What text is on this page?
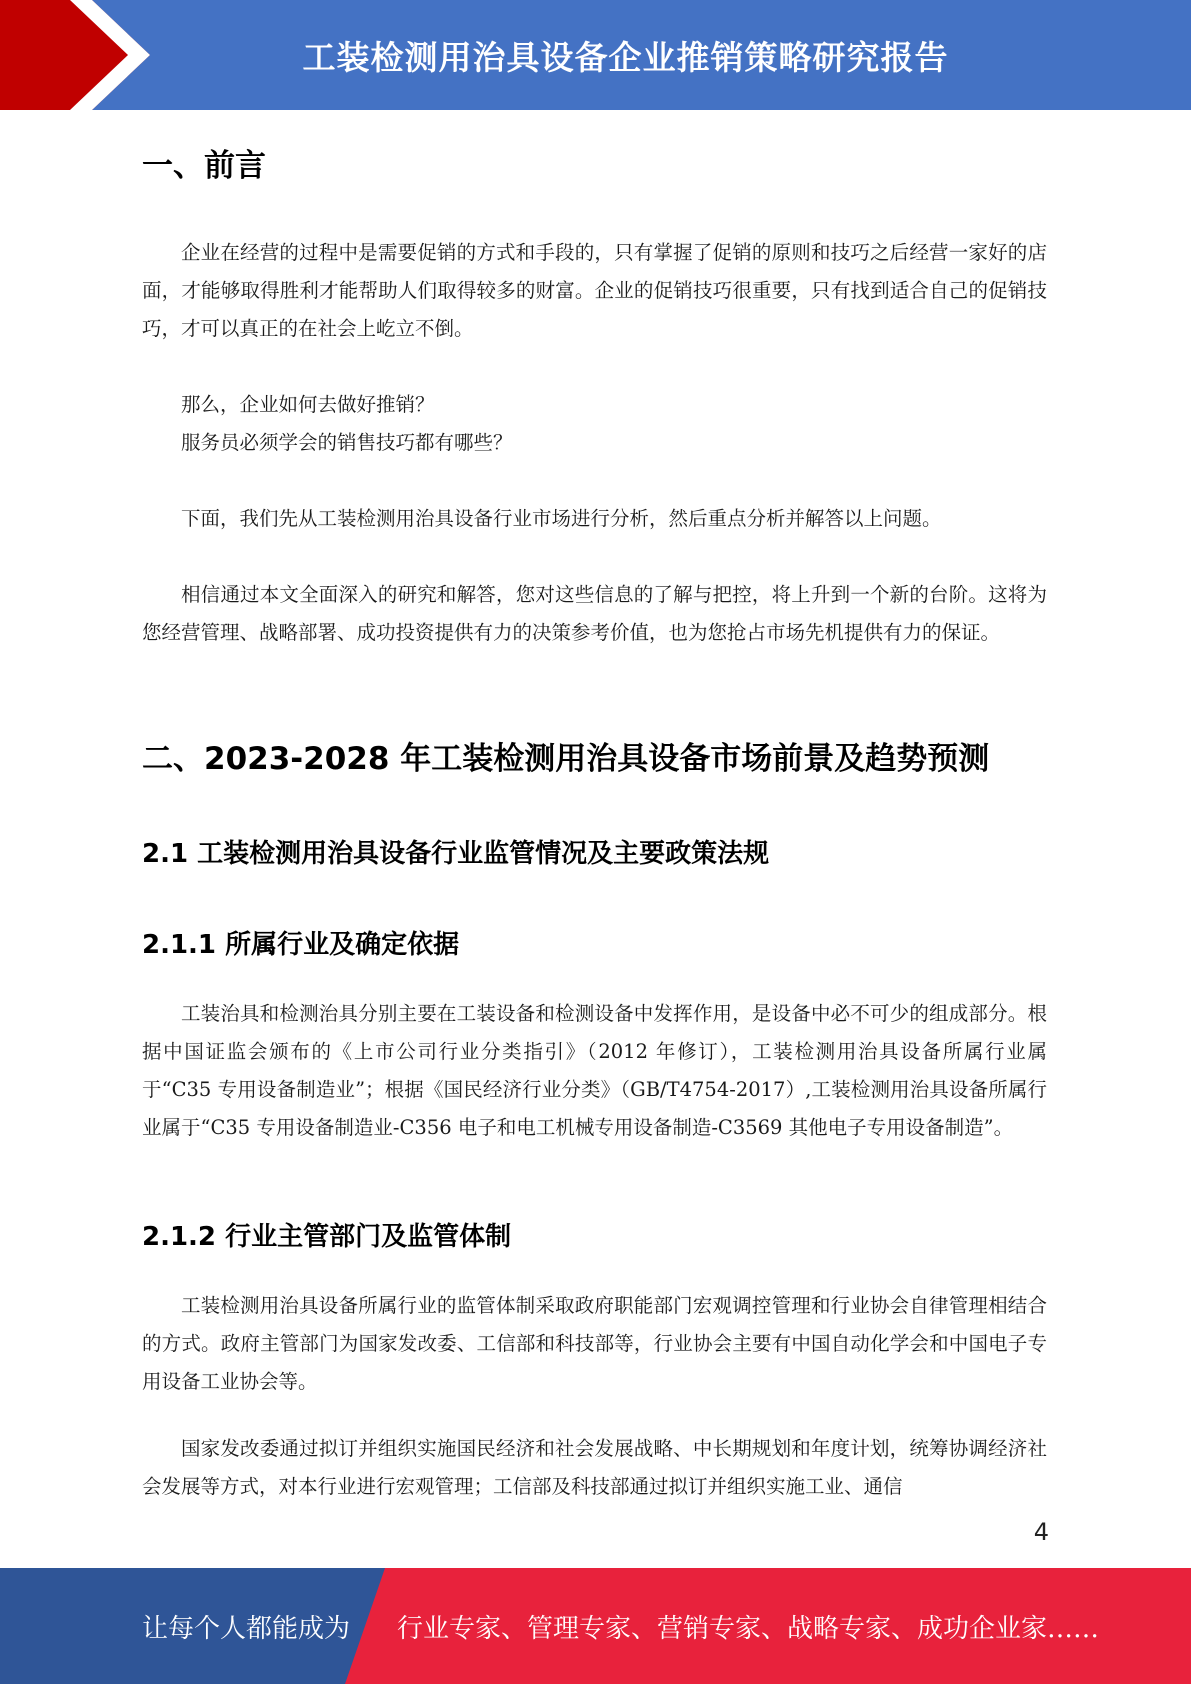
工装检测用治具设备企业推销策略研究报告
一、前言

企业在经营的过程中是需要促销的方式和手段的，只有掌握了促销的原则和技巧之后经营一家好的店面，才能够取得胜利才能帮助人们取得较多的财富。企业的促销技巧很重要，只有找到适合自己的促销技巧，才可以真正的在社会上屹立不倒。

那么，企业如何去做好推销？

服务员必须学会的销售技巧都有哪些？

下面，我们先从工装检测用治具设备行业市场进行分析，然后重点分析并解答以上问题。

相信通过本文全面深入的研究和解答，您对这些信息的了解与把控，将上升到一个新的台阶。这将为您经营管理、战略部署、成功投资提供有力的决策参考价值，也为您抢占市场先机提供有力的保证。

二、2023-2028 年工装检测用治具设备市场前景及趋势预测
2.1 工装检测用治具设备行业监管情况及主要政策法规
2.1.1 所属行业及确定依据

工装治具和检测治具分别主要在工装设备和检测设备中发挥作用，是设备中必不可少的组成部分。根据中国证监会颁布的《上市公司行业分类指引》（2012 年修订），工装检测用治具设备所属行业属于“C35 专用设备制造业”；根据《国民经济行业分类》（GB/T4754-2017）,工装检测用治具设备所属行业属于“C35 专用设备制造业-C356 电子和电工机械专用设备制造-C3569 其他电子专用设备制造”。

2.1.2 行业主管部门及监管体制

工装检测用治具设备所属行业的监管体制采取政府职能部门宏观调控管理和行业协会自律管理相结合的方式。政府主管部门为国家发改委、工信部和科技部等，行业协会主要有中国自动化学会和中国电子专用设备工业协会等。

国家发改委通过拟订并组织实施国民经济和社会发展战略、中长期规划和年度计划，统筹协调经济社会发展等方式，对本行业进行宏观管理；工信部及科技部通过拟订并组织实施工业、通信

4
让每个人都能成为 行业专家、管理专家、营销专家、战略专家、成功企业家……
